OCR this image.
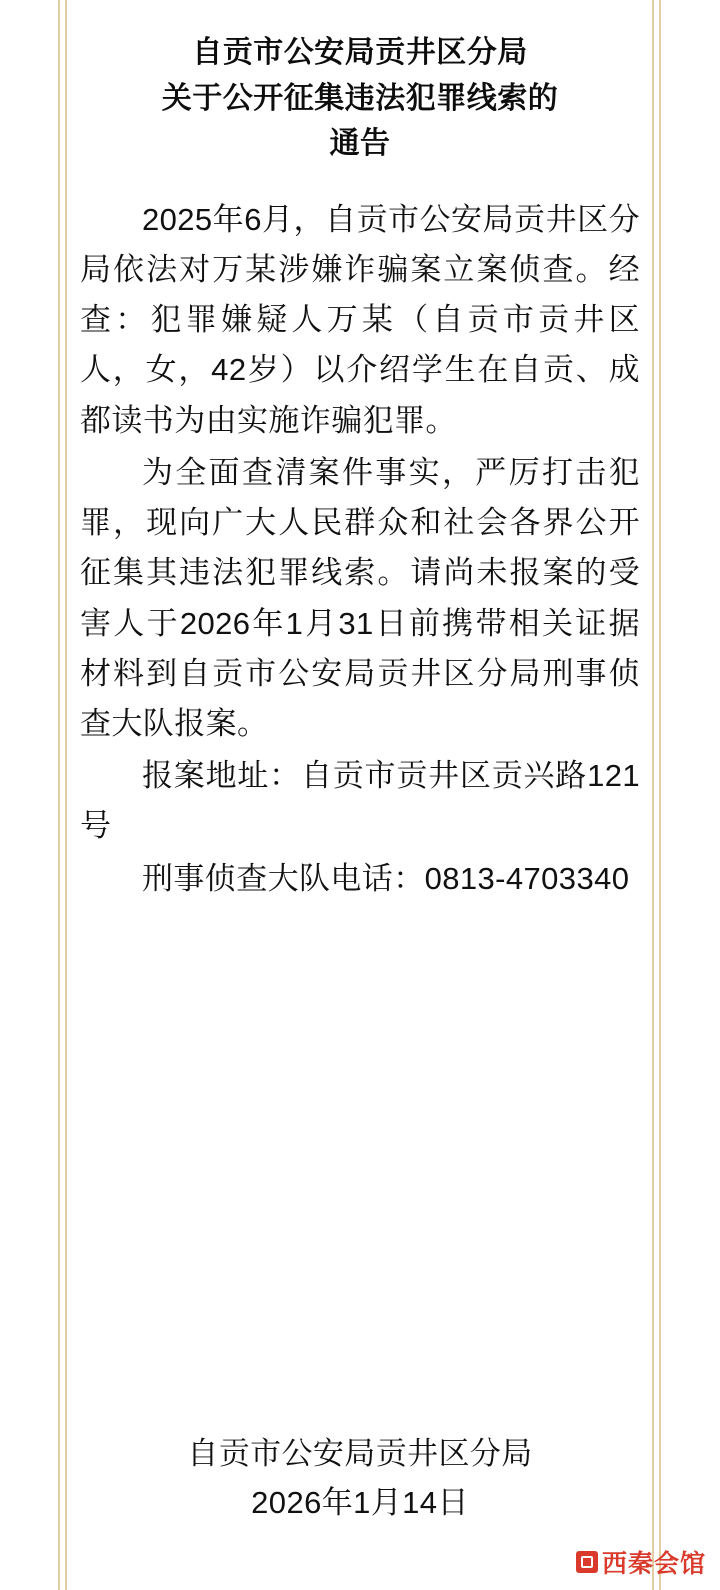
自贡市公安局贡井区分局
关于公开征集违法犯罪线索的
通告

2025年6月，自贡市公安局贡井区分局依法对万某涉嫌诈骗案立案侦查。经查：犯罪嫌疑人万某（自贡市贡井区人，女，42岁）以介绍学生在自贡、成都读书为由实施诈骗犯罪。

为全面查清案件事实，严厉打击犯罪，现向广大人民群众和社会各界公开征集其违法犯罪线索。请尚未报案的受害人于2026年1月31日前携带相关证据材料到自贡市公安局贡井区分局刑事侦查大队报案。

报案地址：自贡市贡井区贡兴路121号

刑事侦查大队电话：0813-4703340

自贡市公安局贡井区分局
2026年1月14日
西秦会馆
